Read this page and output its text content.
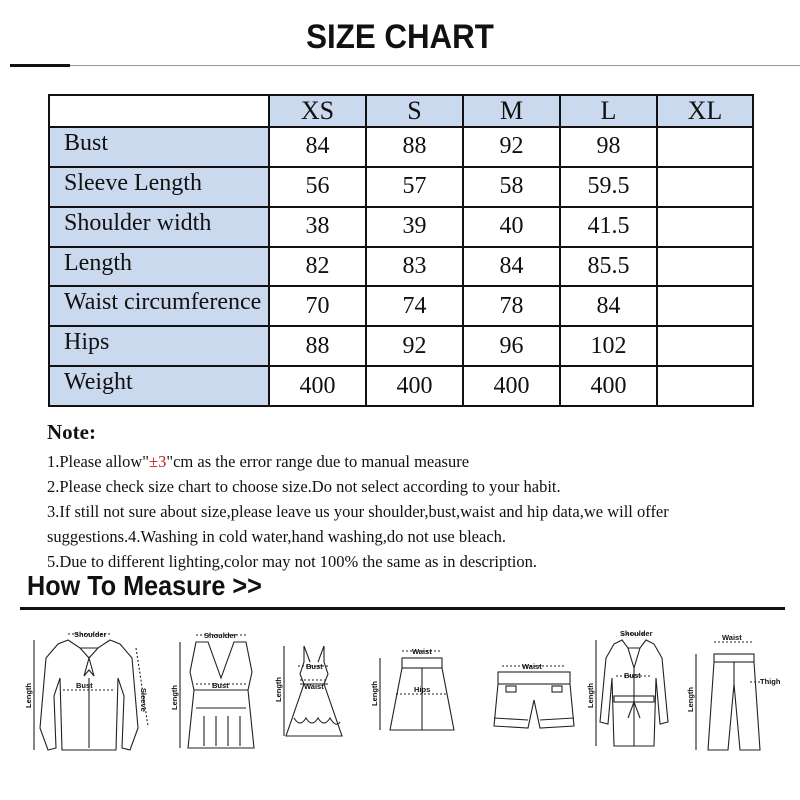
SIZE CHART
	XS	S	M	L	XL
Bust	84	88	92	98	
Sleeve Length	56	57	58	59.5	
Shoulder width	38	39	40	41.5	
Length	82	83	84	85.5	
Waist circumference	70	74	78	84	
Hips	88	92	96	102	
Weight	400	400	400	400	
Note:
1.Please allow"±3"cm as the error range due to manual measure
2.Please check size chart to choose size.Do not select according to your habit.
3.If still not sure about size,please leave us your shoulder,bust,waist and hip data,we will offer suggestions.4.Washing in cold water,hand washing,do not use bleach.
5.Due to different lighting,color may not 100% the same as in description.
How To Measure >>
Shoulder
Bust
Sleeve
Length
Shoulder
Bust
Length
Bust
Waist
Length
Waist
Hips
Length
Waist
Shoulder
Bust
Length
Waist
Thigh
Length
